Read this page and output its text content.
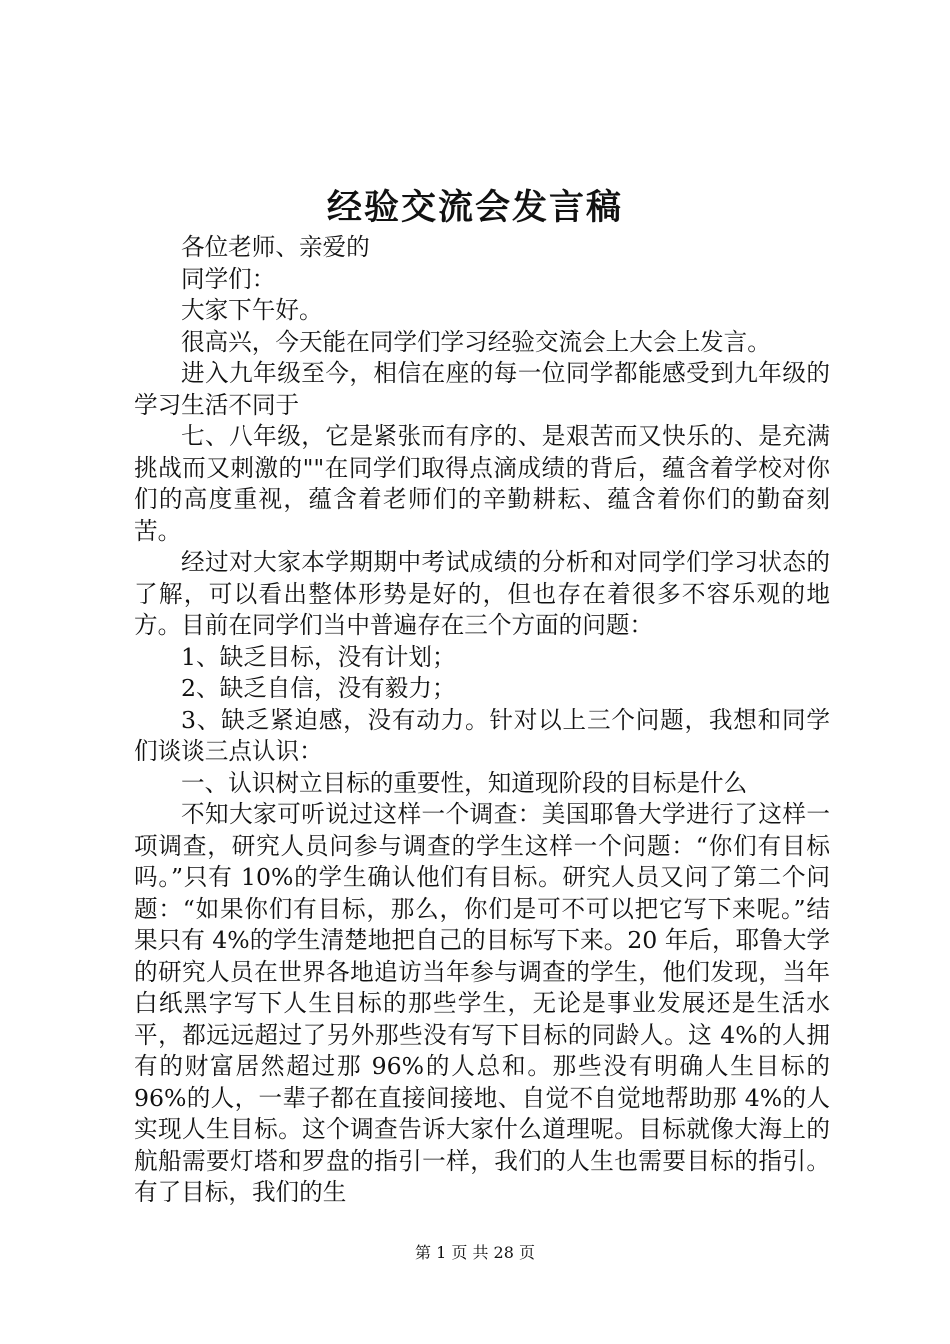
经验交流会发言稿

各位老师、亲爱的

同学们：

大家下午好。

很高兴，今天能在同学们学习经验交流会上大会上发言。

进入九年级至今，相信在座的每一位同学都能感受到九年级的学习生活不同于

七、八年级，它是紧张而有序的、是艰苦而又快乐的、是充满挑战而又刺激的""在同学们取得点滴成绩的背后，蕴含着学校对你们的高度重视，蕴含着老师们的辛勤耕耘、蕴含着你们的勤奋刻苦。

经过对大家本学期期中考试成绩的分析和对同学们学习状态的了解，可以看出整体形势是好的，但也存在着很多不容乐观的地方。目前在同学们当中普遍存在三个方面的问题：

1、缺乏目标，没有计划；

2、缺乏自信，没有毅力；

3、缺乏紧迫感，没有动力。针对以上三个问题，我想和同学们谈谈三点认识：

一、认识树立目标的重要性，知道现阶段的目标是什么

不知大家可听说过这样一个调查：美国耶鲁大学进行了这样一项调查，研究人员问参与调查的学生这样一个问题：“你们有目标吗。”只有 10%的学生确认他们有目标。研究人员又问了第二个问题：“如果你们有目标，那么，你们是可不可以把它写下来呢。”结果只有 4%的学生清楚地把自己的目标写下来。20 年后，耶鲁大学的研究人员在世界各地追访当年参与调查的学生，他们发现，当年白纸黑字写下人生目标的那些学生，无论是事业发展还是生活水平，都远远超过了另外那些没有写下目标的同龄人。这 4%的人拥有的财富居然超过那 96%的人总和。那些没有明确人生目标的 96%的人，一辈子都在直接间接地、自觉不自觉地帮助那 4%的人实现人生目标。这个调查告诉大家什么道理呢。目标就像大海上的航船需要灯塔和罗盘的指引一样，我们的人生也需要目标的指引。有了目标，我们的生

第 1 页 共 28 页
